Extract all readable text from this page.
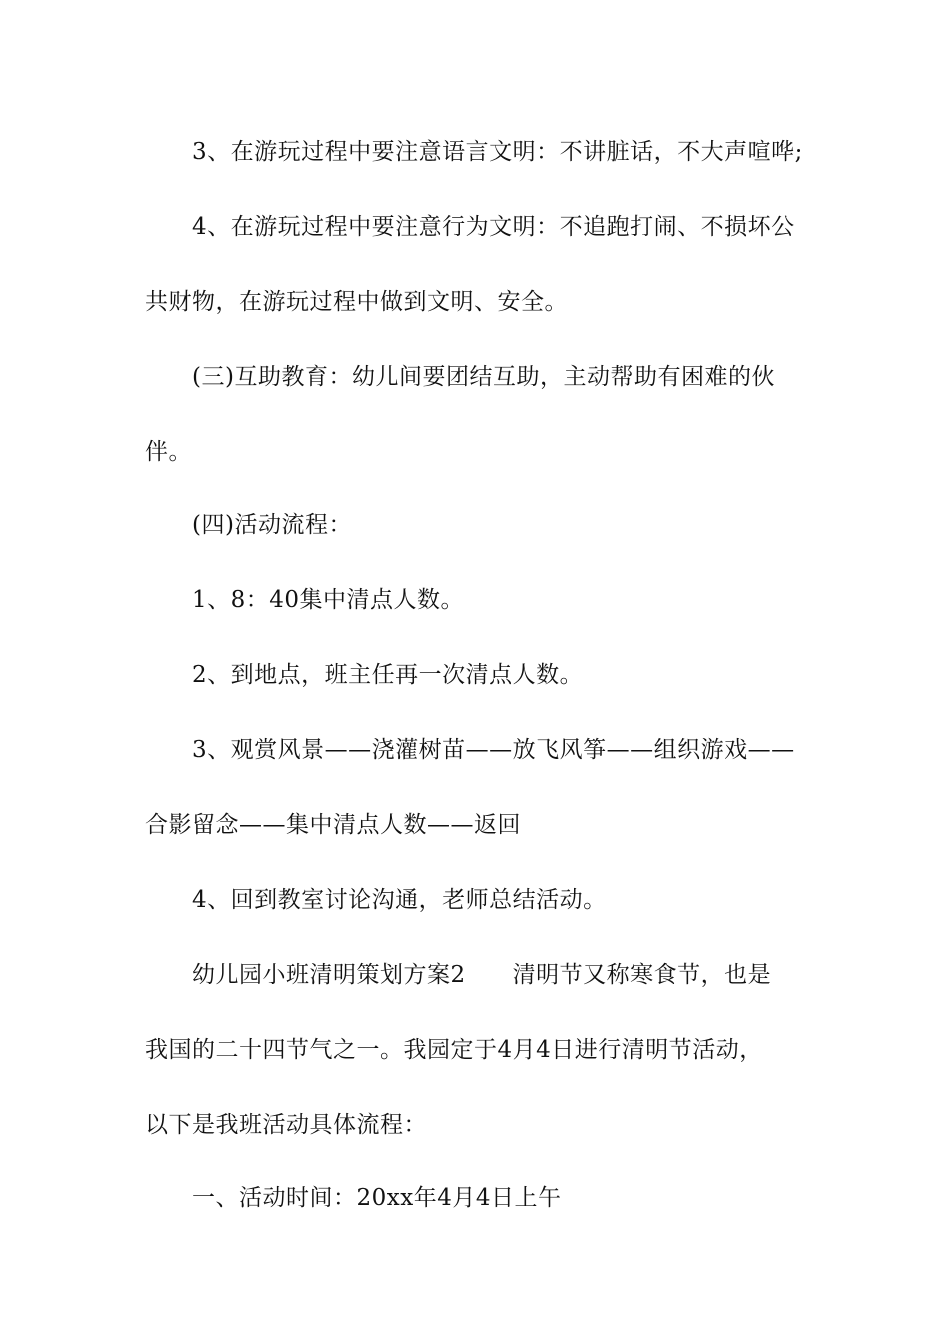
3、在游玩过程中要注意语言文明：不讲脏话，不大声喧哗;
4、在游玩过程中要注意行为文明：不追跑打闹、不损坏公
共财物，在游玩过程中做到文明、安全。
(三)互助教育：幼儿间要团结互助，主动帮助有困难的伙
伴。
(四)活动流程：
1、8：40集中清点人数。
2、到地点，班主任再一次清点人数。
3、观赏风景——浇灌树苗——放飞风筝——组织游戏——
合影留念——集中清点人数——返回
4、回到教室讨论沟通，老师总结活动。
幼儿园小班清明策划方案2　　清明节又称寒食节，也是
我国的二十四节气之一。我园定于4月4日进行清明节活动，
以下是我班活动具体流程：
一、活动时间：20xx年4月4日上午
